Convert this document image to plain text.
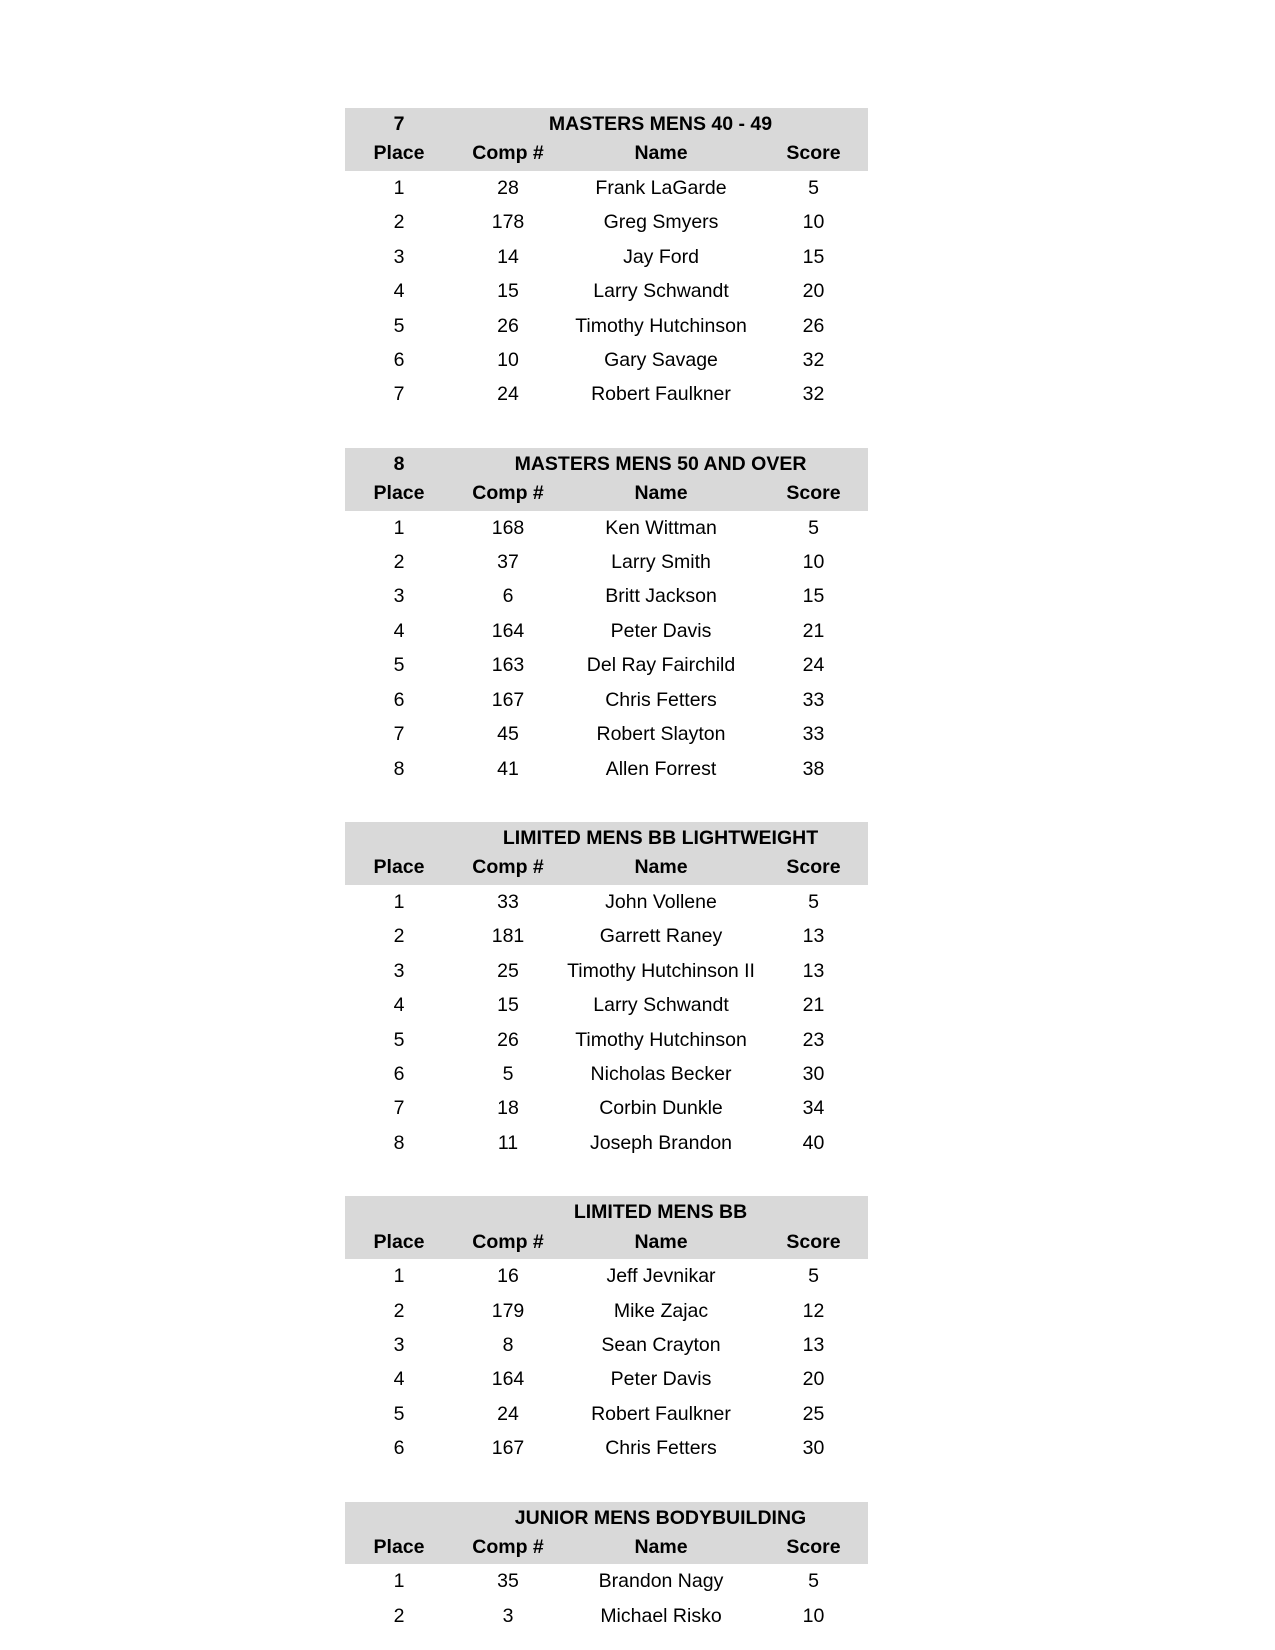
7	MASTERS MENS 40 - 49		
Place	Comp #	Name	Score
1	28	Frank LaGarde	5
2	178	Greg Smyers	10
3	14	Jay Ford	15
4	15	Larry Schwandt	20
5	26	Timothy Hutchinson	26
6	10	Gary Savage	32
7	24	Robert Faulkner	32
8	MASTERS MENS 50 AND OVER		
Place	Comp #	Name	Score
1	168	Ken Wittman	5
2	37	Larry Smith	10
3	6	Britt Jackson	15
4	164	Peter Davis	21
5	163	Del Ray Fairchild	24
6	167	Chris Fetters	33
7	45	Robert Slayton	33
8	41	Allen Forrest	38
	LIMITED MENS BB LIGHTWEIGHT		
Place	Comp #	Name	Score
1	33	John Vollene	5
2	181	Garrett Raney	13
3	25	Timothy Hutchinson II	13
4	15	Larry Schwandt	21
5	26	Timothy Hutchinson	23
6	5	Nicholas Becker	30
7	18	Corbin Dunkle	34
8	11	Joseph Brandon	40
	LIMITED MENS BB		
Place	Comp #	Name	Score
1	16	Jeff Jevnikar	5
2	179	Mike Zajac	12
3	8	Sean Crayton	13
4	164	Peter Davis	20
5	24	Robert Faulkner	25
6	167	Chris Fetters	30
	JUNIOR MENS BODYBUILDING		
Place	Comp #	Name	Score
1	35	Brandon Nagy	5
2	3	Michael Risko	10
